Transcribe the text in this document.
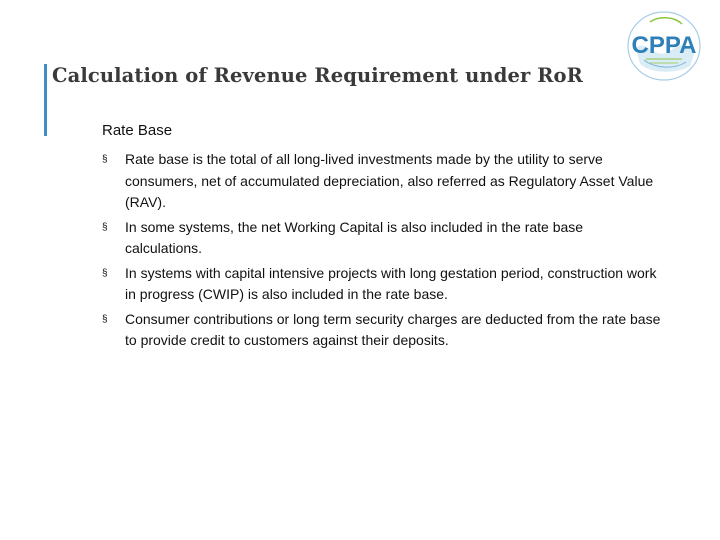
Calculation of Revenue Requirement under RoR
CPPA
Rate Base
§ Rate base is the total of all long-lived investments made by the utility to serve consumers, net of accumulated depreciation, also referred as Regulatory Asset Value (RAV).
§ In some systems, the net Working Capital is also included in the rate base calculations.
§ In systems with capital intensive projects with long gestation period, construction work in progress (CWIP) is also included in the rate base.
§ Consumer contributions or long term security charges are deducted from the rate base to provide credit to customers against their deposits.
